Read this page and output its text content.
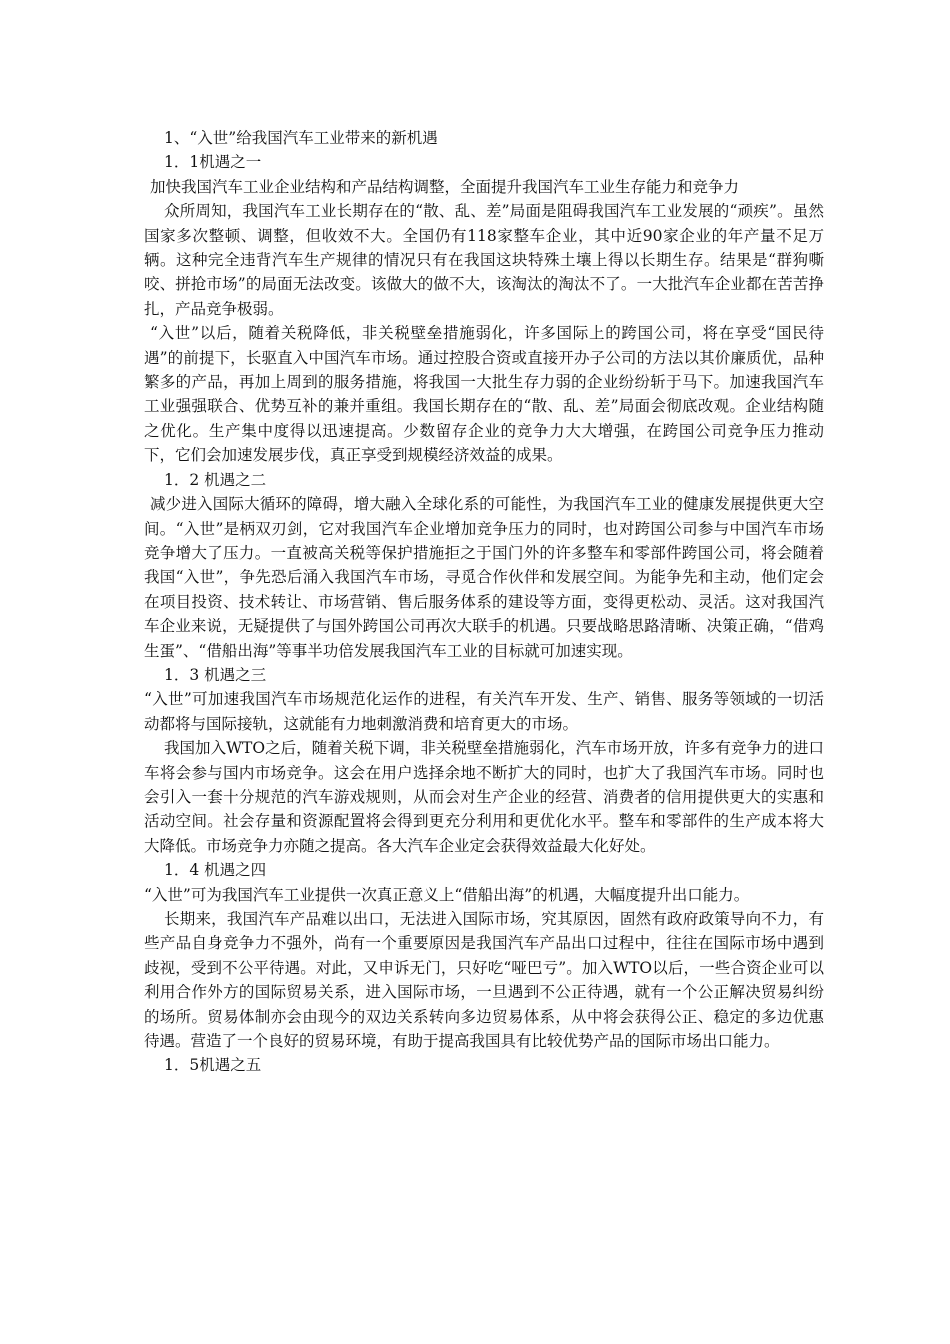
1、“入世”给我国汽车工业带来的新机遇

1．1机遇之一

加快我国汽车工业企业结构和产品结构调整，全面提升我国汽车工业生存能力和竞争力

众所周知，我国汽车工业长期存在的“散、乱、差”局面是阻碍我国汽车工业发展的“顽疾”。虽然国家多次整顿、调整，但收效不大。全国仍有118家整车企业，其中近90家企业的年产量不足万辆。这种完全违背汽车生产规律的情况只有在我国这块特殊土壤上得以长期生存。结果是“群狗嘶咬、拼抢市场”的局面无法改变。该做大的做不大，该淘汰的淘汰不了。一大批汽车企业都在苦苦挣扎，产品竞争极弱。

“入世”以后，随着关税降低，非关税壁垒措施弱化，许多国际上的跨国公司，将在享受“国民待遇”的前提下，长驱直入中国汽车市场。通过控股合资或直接开办子公司的方法以其价廉质优，品种繁多的产品，再加上周到的服务措施，将我国一大批生存力弱的企业纷纷斩于马下。加速我国汽车工业强强联合、优势互补的兼并重组。我国长期存在的“散、乱、差”局面会彻底改观。企业结构随之优化。生产集中度得以迅速提高。少数留存企业的竞争力大大增强，在跨国公司竞争压力推动下，它们会加速发展步伐，真正享受到规模经济效益的成果。

1．2 机遇之二

减少进入国际大循环的障碍，增大融入全球化系的可能性，为我国汽车工业的健康发展提供更大空间。“入世”是柄双刃剑，它对我国汽车企业增加竞争压力的同时，也对跨国公司参与中国汽车市场竞争增大了压力。一直被高关税等保护措施拒之于国门外的许多整车和零部件跨国公司，将会随着我国“入世”，争先恐后涌入我国汽车市场，寻觅合作伙伴和发展空间。为能争先和主动，他们定会在项目投资、技术转让、市场营销、售后服务体系的建设等方面，变得更松动、灵活。这对我国汽车企业来说，无疑提供了与国外跨国公司再次大联手的机遇。只要战略思路清晰、决策正确，“借鸡生蛋”、“借船出海”等事半功倍发展我国汽车工业的目标就可加速实现。

1．3 机遇之三

“入世”可加速我国汽车市场规范化运作的进程，有关汽车开发、生产、销售、服务等领域的一切活动都将与国际接轨，这就能有力地刺激消费和培育更大的市场。

我国加入WTO之后，随着关税下调，非关税壁垒措施弱化，汽车市场开放，许多有竞争力的进口车将会参与国内市场竞争。这会在用户选择余地不断扩大的同时，也扩大了我国汽车市场。同时也会引入一套十分规范的汽车游戏规则，从而会对生产企业的经营、消费者的信用提供更大的实惠和活动空间。社会存量和资源配置将会得到更充分利用和更优化水平。整车和零部件的生产成本将大大降低。市场竞争力亦随之提高。各大汽车企业定会获得效益最大化好处。

1．4 机遇之四

“入世”可为我国汽车工业提供一次真正意义上“借船出海”的机遇，大幅度提升出口能力。

长期来，我国汽车产品难以出口，无法进入国际市场，究其原因，固然有政府政策导向不力，有些产品自身竞争力不强外，尚有一个重要原因是我国汽车产品出口过程中，往往在国际市场中遇到歧视，受到不公平待遇。对此，又申诉无门，只好吃“哑巴亏”。加入WTO以后，一些合资企业可以利用合作外方的国际贸易关系，进入国际市场，一旦遇到不公正待遇，就有一个公正解决贸易纠纷的场所。贸易体制亦会由现今的双边关系转向多边贸易体系，从中将会获得公正、稳定的多边优惠待遇。营造了一个良好的贸易环境，有助于提高我国具有比较优势产品的国际市场出口能力。

1．5机遇之五
